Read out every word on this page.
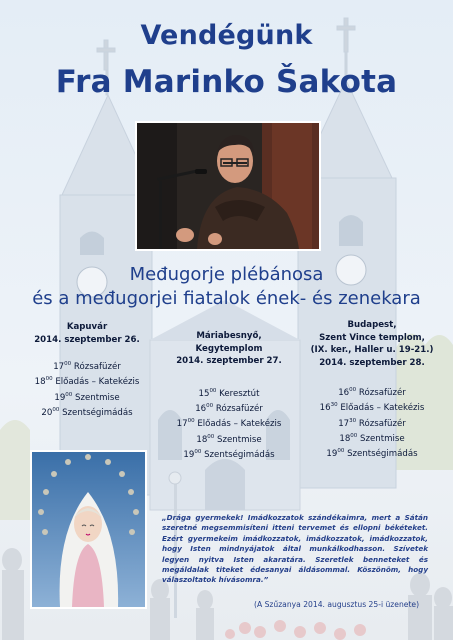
Vendégünk
Fra Marinko Šakota
Međugorje plébánosa
és a međugorjei fiatalok ének- és zenekara
Kapuvár
2014. szeptember 26.
$17^{00}$ Rózsafüzér
$18^{00}$ Előadás – Katekézis
$19^{00}$ Szentmise
$20^{00}$ Szentségimádás
Máriabesnyő,
Kegytemplom
2014. szeptember 27.
$15^{00}$ Keresztút
$16^{00}$ Rózsafüzér
$17^{00}$ Előadás – Katekézis
$18^{00}$ Szentmise
$19^{00}$ Szentségimádás
Budapest,
Szent Vince templom,
(IX. ker., Haller u. 19-21.)
2014. szeptember 28.
$16^{00}$ Rózsafüzér
$16^{30}$ Előadás – Katekézis
$17^{30}$ Rózsafüzér
$18^{00}$ Szentmise
$19^{00}$ Szentségimádás

„Drága gyermekek! Imádkozzatok szándékaimra, mert a Sátán szeretné megsemmisíteni itteni tervemet és ellopni békéteket. Ezért gyermekeim imádkozzatok, imádkozzatok, imádkozzatok, hogy Isten mindnyájatok által munkálkodhasson. Szívetek legyen nyitva Isten akaratára. Szeretlek benneteket és megáldalak titeket édesanyai áldásommal. Köszönöm, hogy válaszoltatok hívásomra.”

(A Szűzanya 2014. augusztus 25-i üzenete)
